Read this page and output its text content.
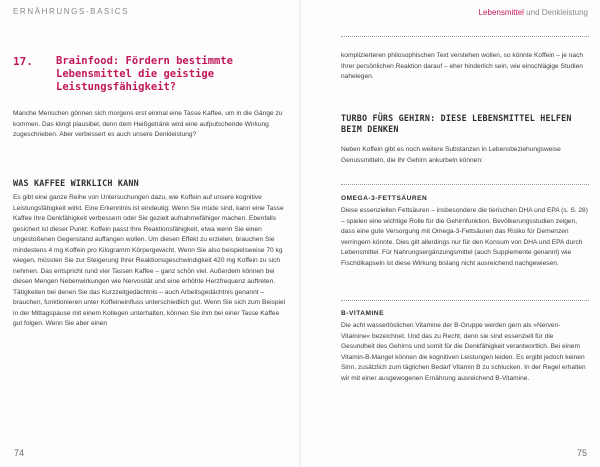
ERNÄHRUNGS-BASICS	Lebensmittel und Denkleistung
17. Brainfood: Fördern bestimmte Lebensmittel die geistige Leistungsfähigkeit?

Manche Menschen gönnen sich morgens erst einmal eine Tasse Kaffee, um in die Gänge zu kommen. Das klingt plausibel, denn dem Heißgetränk wird eine aufputschende Wirkung zugeschrieben. Aber verbessert es auch unsere Denkleistung?

WAS KAFFEE WIRKLICH KANN

Es gibt eine ganze Reihe von Untersuchungen dazu, wie Koffein auf unsere kognitive Leistungsfähigkeit wirkt. Eine Erkenntnis ist eindeutig: Wenn Sie müde sind, kann eine Tasse Kaffee Ihre Denkfähigkeit verbessern oder Sie gezielt aufnahmefähiger machen. Ebenfalls gesichert ist dieser Punkt: Koffein passt Ihre Reaktionsfähigkeit, etwa wenn Sie einen ungestoßenen Gegenstand auffangen wollen. Um diesen Effekt zu erzielen, brauchen Sie mindestens 4 mg Koffein pro Kilogramm Körpergewicht. Wenn Sie also beispielsweise 70 kg wiegen, müssten Sie zur Steigerung Ihrer Reaktionsgeschwindigkeit 420 mg Koffein zu sich nehmen. Das entspricht rund vier Tassen Kaffee – ganz schön viel. Außerdem können bei diesen Mengen Nebenwirkungen wie Nervosität und eine erhöhte Herzfrequenz auftreten. Tätigkeiten bei denen Sie das Kurzzeitgedächtnis – auch Arbeitsgedächtnis genannt – brauchen, funktionieren unter Koffeineinfluss unterschiedlich gut. Wenn Sie sich zum Beispiel in der Mittagspause mit einem Kollegen unterhalten, können Sie ihm bei einer Tasse Kaffee gut folgen. Wenn Sie aber einen

74

komplizierteren philosophischen Text verstehen wollen, so könnte Koffein – je nach Ihrer persönlichen Reaktion darauf – eher hinderlich sein, wie einschlägige Studien nahelegen.

TURBO FÜRS GEHIRN: DIESE LEBENSMITTEL HELFEN BEIM DENKEN

Neben Koffein gibt es noch weitere Substanzen in Lebensbeziehungsweise Genussmitteln, die Ihr Gehirn ankurbeln können:

OMEGA-3-FETTSÄUREN

Diese essenziellen Fettsäuren – insbesondere die tierischen DHA und EPA (s. S. 28) – spielen eine wichtige Rolle für die Gehirnfunktion. Bevölkerungsstudien zeigen, dass eine gute Versorgung mit Omega-3-Fettsäuren das Risiko für Demenzen verringern könnte. Dies gilt allerdings nur für den Konsum von DHA und EPA durch Lebensmittel. Für Nahrungsergänzungsmittel (auch Supplemente genannt) wie Fischölkapseln ist diese Wirkung bislang nicht ausreichend nachgewiesen.

B-VITAMINE

Die acht wasserlöslichen Vitamine der B-Gruppe werden gern als »Nerven-Vitamine« bezeichnet. Und das zu Recht, denn sie sind essenziell für die Gesundheit des Gehirns und somit für die Denkfähigkeit verantwortlich. Bei einem Vitamin-B-Mangel können die kognitiven Leistungen leiden. Es ergibt jedoch keinen Sinn, zusätzlich zum täglichen Bedarf Vitamin B zu schlucken. In der Regel erhalten wir mit einer ausgewogenen Ernährung ausreichend B-Vitamine.

75
